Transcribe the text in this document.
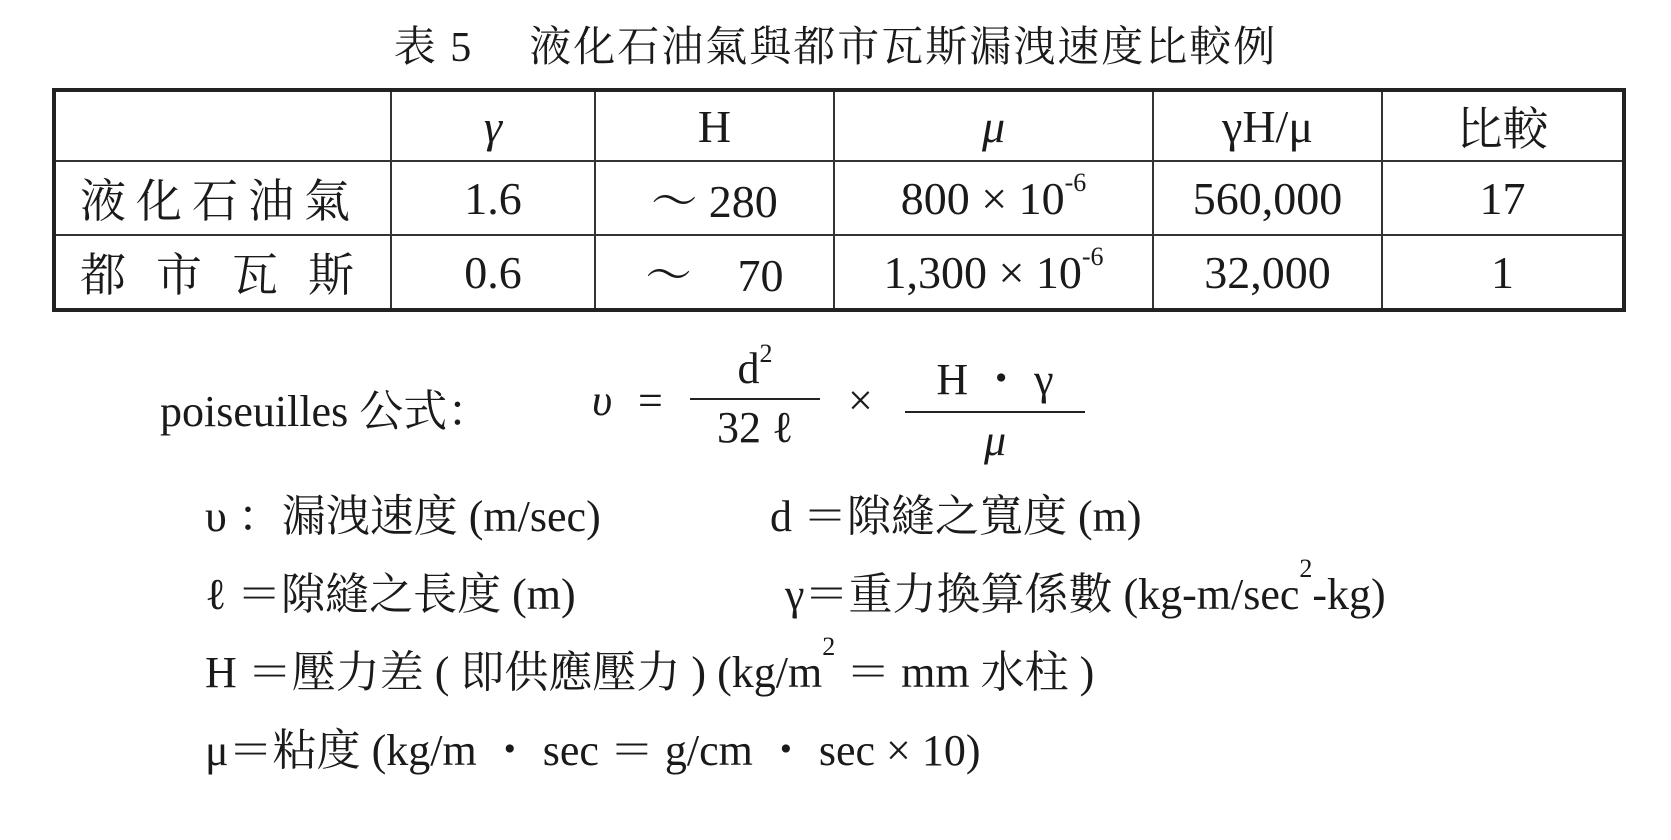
表 5 液化石油氣與都市瓦斯漏洩速度比較例
	γ	H	μ	γH/μ	比較
液化石油氣	1.6	～ 280	$800 \times 10^{-6}$	560,000	17
都市瓦斯	0.6	～　70	$1,300 \times 10^{-6}$	32,000	1
poiseuilles 公式： υ =
$d^2$
32 ℓ
× $\frac{H ・ \gamma}{\mu}$
υ ：漏洩速度 (m/sec)	d ＝隙縫之寬度 (m)
ℓ ＝隙縫之長度 (m)	γ＝重力換算係數 $(kg-m/\sec^2-kg)$
H ＝壓力差 ( 即供應壓力 ) ($kg/m^2$ ＝ mm 水柱 )
μ＝粘度 (kg/m ・ sec ＝ g/cm ・ sec × 10)
